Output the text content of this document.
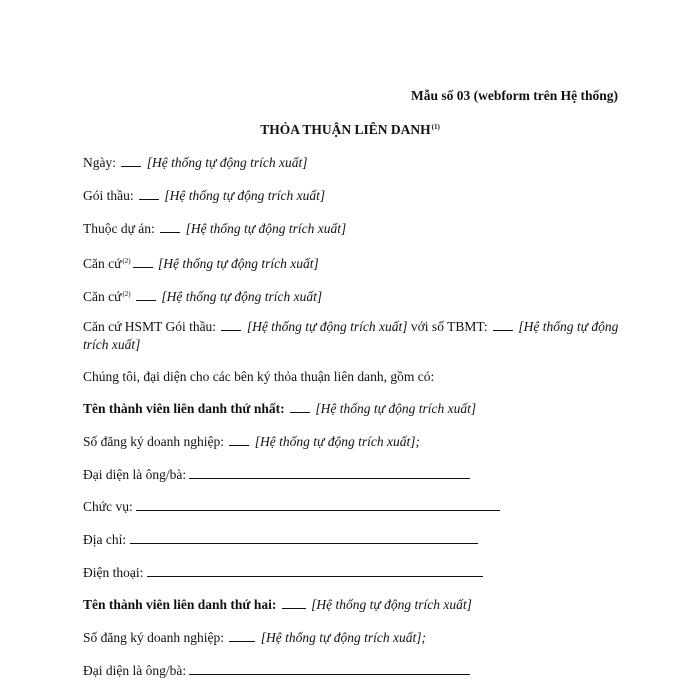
Mẫu số 03 (webform trên Hệ thống)
THỎA THUẬN LIÊN DANH$^{(1)}$
Ngày: [Hệ thống tự động trích xuất]
Gói thầu: [Hệ thống tự động trích xuất]
Thuộc dự án: [Hệ thống tự động trích xuất]
Căn cứ$^{(2)}$ [Hệ thống tự động trích xuất]
Căn cứ$^{(2)}$ [Hệ thống tự động trích xuất]
Căn cứ HSMT Gói thầu: [Hệ thống tự động trích xuất] với số TBMT: [Hệ thống tự động trích xuất]
Chúng tôi, đại diện cho các bên ký thỏa thuận liên danh, gồm có:
Tên thành viên liên danh thứ nhất: [Hệ thống tự động trích xuất]
Số đăng ký doanh nghiệp: [Hệ thống tự động trích xuất];
Đại diện là ông/bà:
Chức vụ:
Địa chỉ:
Điện thoại:
Tên thành viên liên danh thứ hai:	[Hệ thống tự động trích xuất]
Số đăng ký doanh nghiệp:	[Hệ thống tự động trích xuất];
Đại diện là ông/bà:
